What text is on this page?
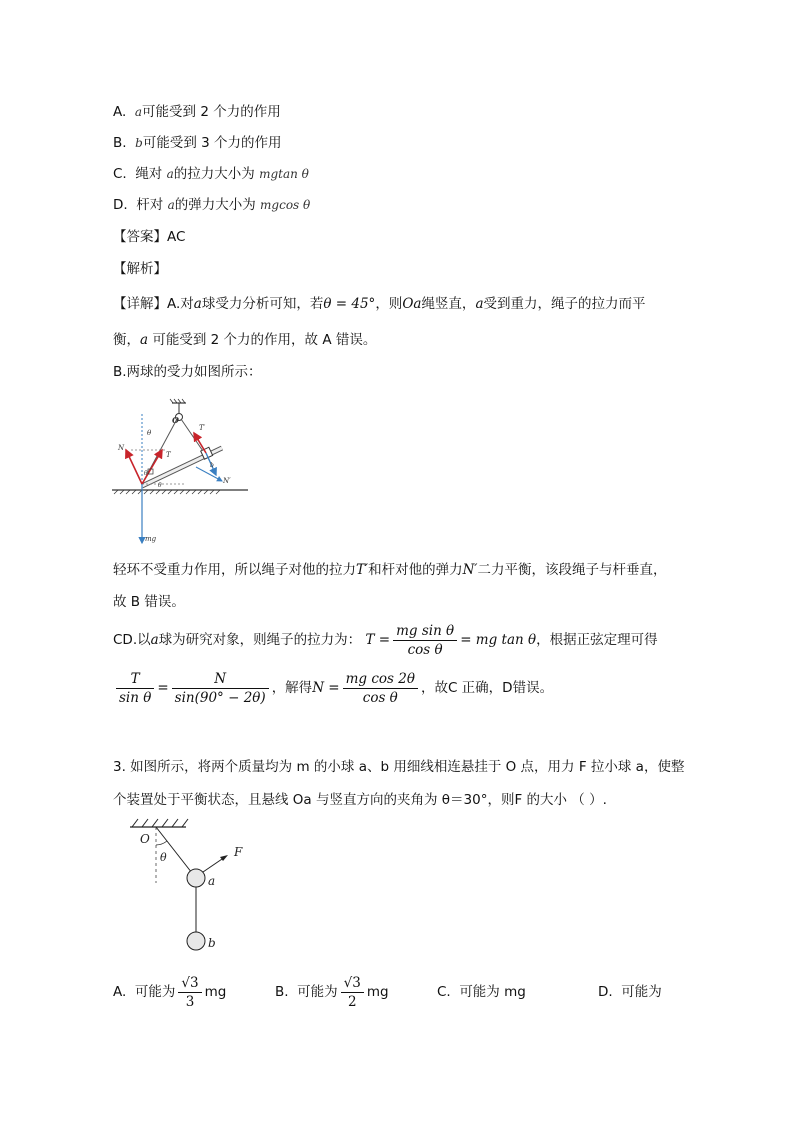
A. a可能受到 2 个力的作用
B. b可能受到 3 个力的作用
C. 绳对 a的拉力大小为 mgtan θ
D. 杆对 a的弹力大小为 mgcos θ
【答案】AC
【解析】
【详解】A.对a球受力分析可知，若θ = 45°，则Oa绳竖直，a受到重力，绳子的拉力而平
衡，a 可能受到 2 个力的作用，故 A 错误。
B.两球的受力如图所示：
O
θ
N
T
T′
θ
θ
N′
mg
b
轻环不受重力作用，所以绳子对他的拉力T′和杆对他的弹力N′二力平衡，该段绳子与杆垂直，
故 B 错误。
CD.以a球为研究对象，则绳子的拉力为： $T = \frac{\text{mg sin θ}}{\text{cos θ}}$ = mg tan θ，根据正弦定理可得
$\frac{T}{\text{sin θ}} = \frac{N}{\sin(90^\circ - 2\theta)}$ ，解得$N = \frac{\text{mg cos 2θ}}{\text{cos θ}}$ ，故C 正确，D错误。
3. 如图所示，将两个质量均为 m 的小球 a、b 用细线相连悬挂于 O 点，用力 F 拉小球 a，使整
个装置处于平衡状态，且悬线 Oa 与竖直方向的夹角为 θ＝30°，则F 的大小 （ ）.
O
θ	F
a
b
A. 可能为 $\frac{√3}{3}$ mg	B. 可能为 $\frac{√3}{2}$ mg	C. 可能为 mg	D. 可能为
